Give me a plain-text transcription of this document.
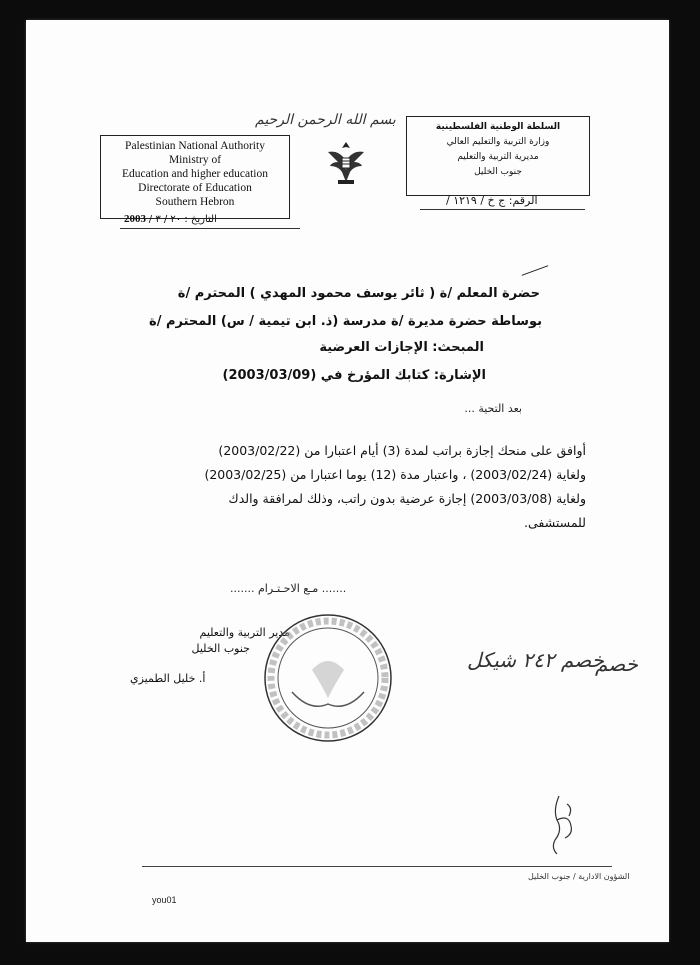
بسم الله الرحمن الرحيم
Palestinian National Authority
Ministry of
Education and higher education
Directorate of Education
Southern Hebron
السلطة الوطنية الفلسطينية
وزارة التربية والتعليم العالي
مديرية التربية والتعليم
جنوب الخليل
الرقم: ج خ / ١٢١٩ /
2003 التاريخ : ٢٠ / ٣ /
حضرة المعلم /ة ( ثائر يوسف محمود المهدي ) المحترم /ة
بوساطة حضرة مديرة /ة مدرسة (ذ. ابن تيمية / س) المحترم /ة
المبحث: الإجازات العرضية
الإشارة: كتابك المؤرخ في (2003/03/09)
بعد التحية ...
أوافق على منحك إجازة براتب لمدة (3) أيام اعتبارا من (2003/02/22)
ولغاية (2003/02/24) ، واعتبار مدة (12) يوما اعتبارا من (2003/02/25)
ولغاية (2003/03/08) إجازة عرضية بدون راتب، وذلك لمرافقة والدك
للمستشفى.
....... مـع الاحـتـرام .......
مدير التربية والتعليم
جنوب الخليل
أ. خليل الطميزي
خصم ٢٤٢ شيكل
خصم
الشؤون الادارية / جنوب الخليل
you01
